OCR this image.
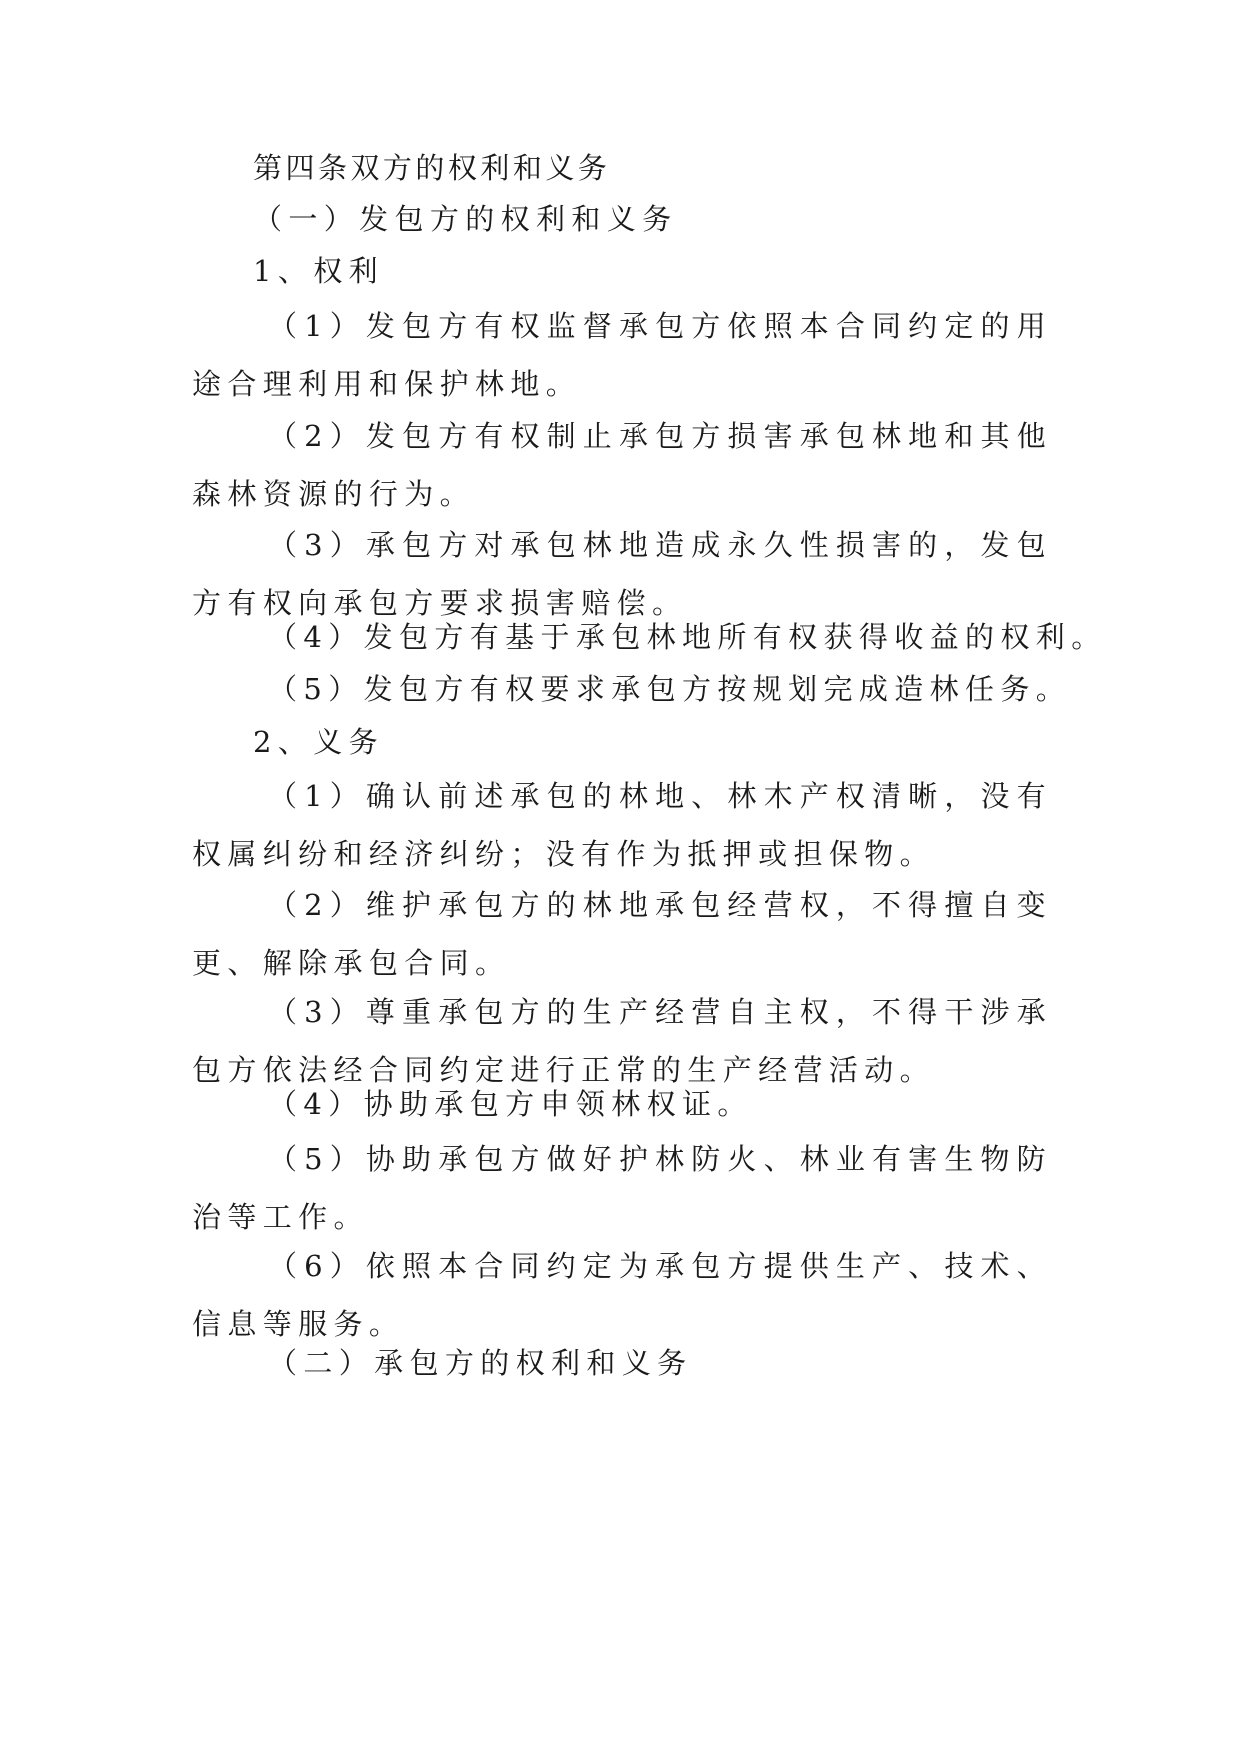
第四条双方的权利和义务

（一）发包方的权利和义务

1、权利

（1）发包方有权监督承包方依照本合同约定的用途合理利用和保护林地。

（2）发包方有权制止承包方损害承包林地和其他森林资源的行为。

（3）承包方对承包林地造成永久性损害的，发包方有权向承包方要求损害赔偿。

（4）发包方有基于承包林地所有权获得收益的权利。

（5）发包方有权要求承包方按规划完成造林任务。

2、义务

（1）确认前述承包的林地、林木产权清晰，没有权属纠纷和经济纠纷；没有作为抵押或担保物。

（2）维护承包方的林地承包经营权，不得擅自变更、解除承包合同。

（3）尊重承包方的生产经营自主权，不得干涉承包方依法经合同约定进行正常的生产经营活动。

（4）协助承包方申领林权证。

（5）协助承包方做好护林防火、林业有害生物防治等工作。

（6）依照本合同约定为承包方提供生产、技术、信息等服务。

（二）承包方的权利和义务
